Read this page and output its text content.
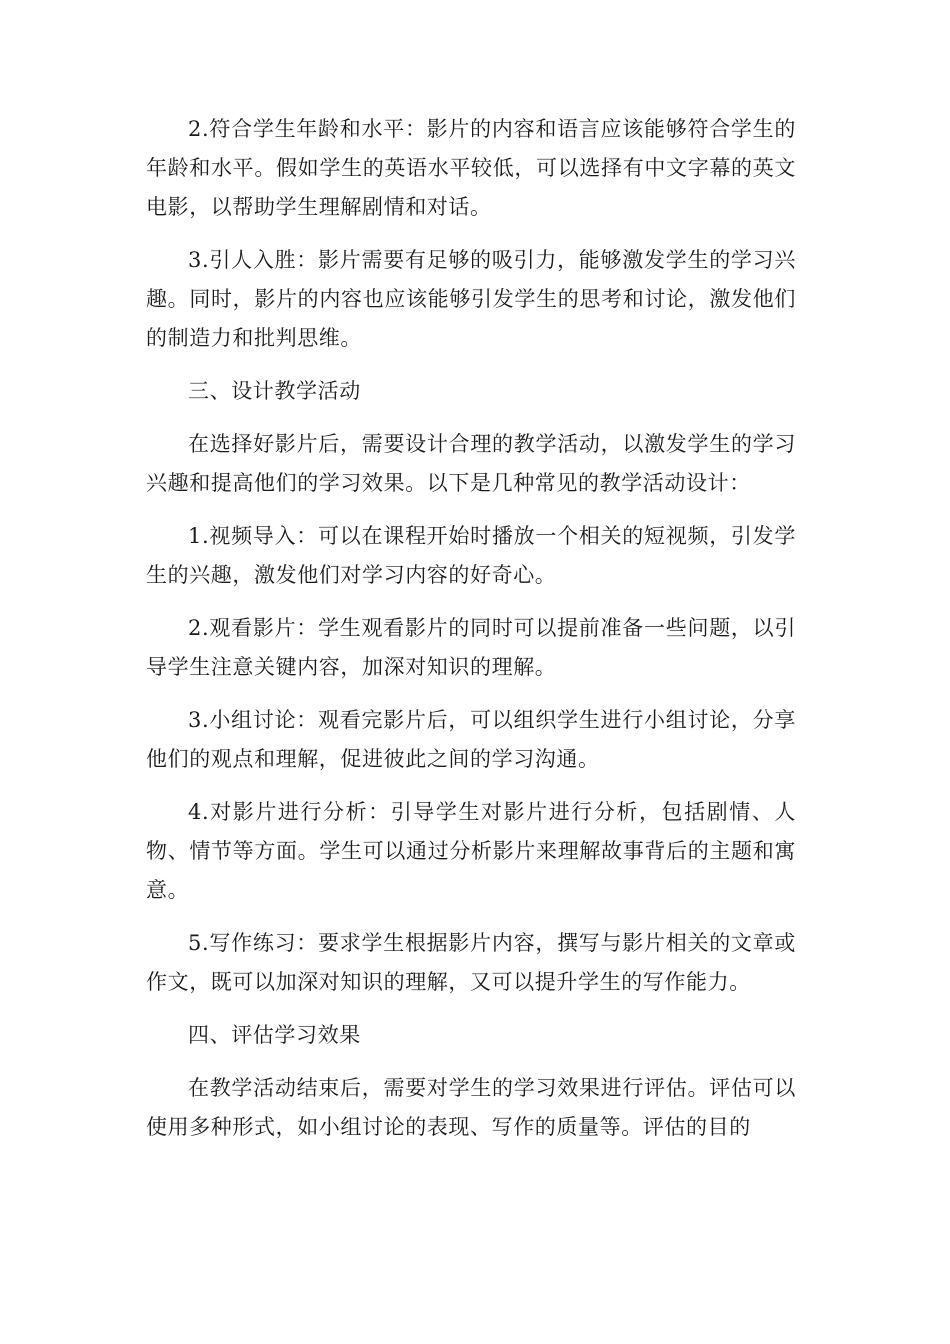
2.符合学生年龄和水平：影片的内容和语言应该能够符合学生的年龄和水平。假如学生的英语水平较低，可以选择有中文字幕的英文电影，以帮助学生理解剧情和对话。

3.引人入胜：影片需要有足够的吸引力，能够激发学生的学习兴趣。同时，影片的内容也应该能够引发学生的思考和讨论，激发他们的制造力和批判思维。

三、设计教学活动

在选择好影片后，需要设计合理的教学活动，以激发学生的学习兴趣和提高他们的学习效果。以下是几种常见的教学活动设计：

1.视频导入：可以在课程开始时播放一个相关的短视频，引发学生的兴趣，激发他们对学习内容的好奇心。

2.观看影片：学生观看影片的同时可以提前准备一些问题，以引导学生注意关键内容，加深对知识的理解。

3.小组讨论：观看完影片后，可以组织学生进行小组讨论，分享他们的观点和理解，促进彼此之间的学习沟通。

4.对影片进行分析：引导学生对影片进行分析，包括剧情、人物、情节等方面。学生可以通过分析影片来理解故事背后的主题和寓意。

5.写作练习：要求学生根据影片内容，撰写与影片相关的文章或作文，既可以加深对知识的理解，又可以提升学生的写作能力。

四、评估学习效果

在教学活动结束后，需要对学生的学习效果进行评估。评估可以使用多种形式，如小组讨论的表现、写作的质量等。评估的目的
